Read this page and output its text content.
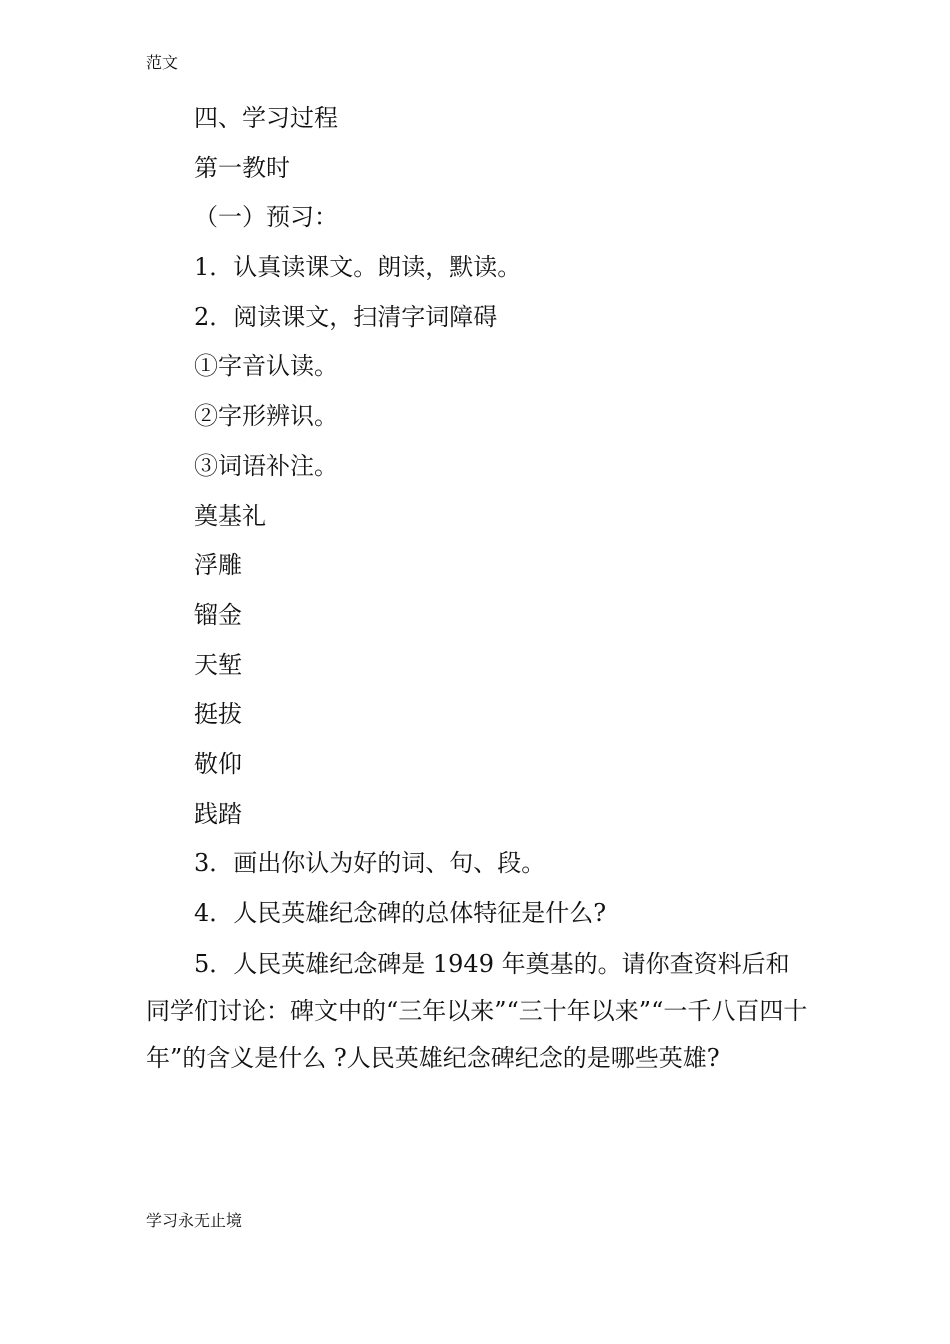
范文
四、学习过程
第一教时
（一）预习：
1．认真读课文。朗读，默读。
2．阅读课文，扫清字词障碍
①字音认读。
②字形辨识。
③词语补注。
奠基礼
浮雕
镏金
天堑
挺拔
敬仰
践踏
3．画出你认为好的词、句、段。
4．人民英雄纪念碑的总体特征是什么?
5．人民英雄纪念碑是 1949 年奠基的。请你查资料后和同学们讨论：碑文中的“三年以来”“三十年以来”“一千八百四十年”的含义是什么 ?人民英雄纪念碑纪念的是哪些英雄?
学习永无止境
